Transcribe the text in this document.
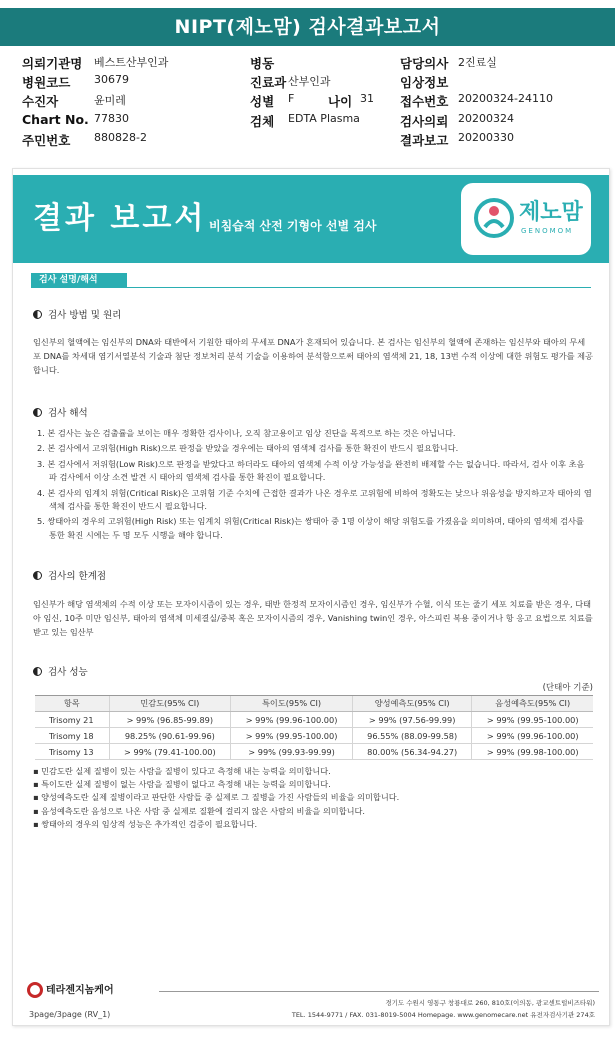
NIPT(제노맘) 검사결과보고서
의뢰기관명 베스트산부인과	병동	담당의사 2진료실
병원코드 30679	진료과 산부인과	임상정보
수진자	윤미레	성별 F	나이 31 접수번호 20200324-24110
Chart No. 77830	검체 EDTA Plasma	검사의뢰 20200324
주민번호 880828-2	결과보고 20200330
결과 보고서 비침습적 산전 기형아 선별 검사
제노맘
GENOMOM
검사 설명/해석
검사 방법 및 원리
임신부의 혈액에는 임신부의 DNA와 태반에서 기원한 태아의 무세포 DNA가 혼재되어 있습니다. 본 검사는 임신부의 혈액에 존재하는 임신부와 태아의 무세포 DNA를 차세대 염기서열분석 기술과 첨단 정보처리 분석 기술을 이용하여 분석함으로써 태아의 염색체 21, 18, 13번 수적 이상에 대한 위험도 평가를 제공합니다.
검사 해석
1. 본 검사는 높은 검출률을 보이는 매우 정확한 검사이나, 오직 참고용이고 임상 진단을 목적으로 하는 것은 아닙니다.
2. 본 검사에서 고위험(High Risk)으로 판정을 받았을 경우에는 태아의 염색체 검사를 통한 확진이 반드시 필요합니다.
3. 본 검사에서 저위험(Low Risk)으로 판정을 받았다고 하더라도 태아의 염색체 수적 이상 가능성을 완전히 배제할 수는 없습니다. 따라서, 검사 이후 초음파 검사에서 이상 소견 발견 시 태아의 염색체 검사를 통한 확진이 필요합니다.
4. 본 검사의 임계치 위험(Critical Risk)은 고위험 기준 수치에 근접한 결과가 나온 경우로 고위험에 비하여 정확도는 낮으나 위음성을 방지하고자 태아의 염색체 검사를 통한 확진이 반드시 필요합니다.
5. 쌍태아의 경우의 고위험(High Risk) 또는 임계치 위험(Critical Risk)는 쌍태아 중 1명 이상이 해당 위험도를 가졌음을 의미하며, 태아의 염색체 검사를 통한 확진 시에는 두 명 모두 시행을 해야 합니다.
검사의 한계점
임신부가 해당 염색체의 수적 이상 또는 모자이시즘이 있는 경우, 태반 한정적 모자이시즘인 경우, 임신부가 수혈, 이식 또는 줄기 세포 치료를 받은 경우, 다태아 임신, 10주 미만 임신부, 태아의 염색체 미세결실/중복 혹은 모자이시즘의 경우, Vanishing twin인 경우, 아스피린 복용 중이거나 항 응고 요법으로 치료를 받고 있는 임산부
검사 성능
(단태아 기준)
항목	민감도(95% CI)	특이도(95% CI)	양성예측도(95% CI)	음성예측도(95% CI)
Trisomy 21	> 99% (96.85-99.89)	> 99% (99.96-100.00)	> 99% (97.56-99.99)	> 99% (99.95-100.00)
Trisomy 18	98.25% (90.61-99.96)	> 99% (99.95-100.00)	96.55% (88.09-99.58)	> 99% (99.96-100.00)
Trisomy 13	> 99% (79.41-100.00)	> 99% (99.93-99.99)	80.00% (56.34-94.27)	> 99% (99.98-100.00)
▪ 민감도란 실제 질병이 있는 사람을 질병이 있다고 측정해 내는 능력을 의미합니다.
▪ 특이도란 실제 질병이 없는 사람을 질병이 없다고 측정해 내는 능력을 의미합니다.
▪ 양성예측도란 실제 질병이라고 판단한 사람들 중 실제로 그 질병을 가진 사람들의 비율을 의미합니다.
▪ 음성예측도란 음성으로 나온 사람 중 실제로 질환에 걸리지 않은 사람의 비율을 의미합니다.
▪ 쌍태아의 경우의 임상적 성능은 추가적인 검증이 필요합니다.
테라젠지놈케어
3page/3page (RV_1)
경기도 수원시 영통구 창룡대로 260, 810호(이의동, 광교센트럴비즈타워)
TEL. 1544-9771 / FAX. 031-8019-5004 Homepage. www.genomecare.net 유전자검사기관 274호
